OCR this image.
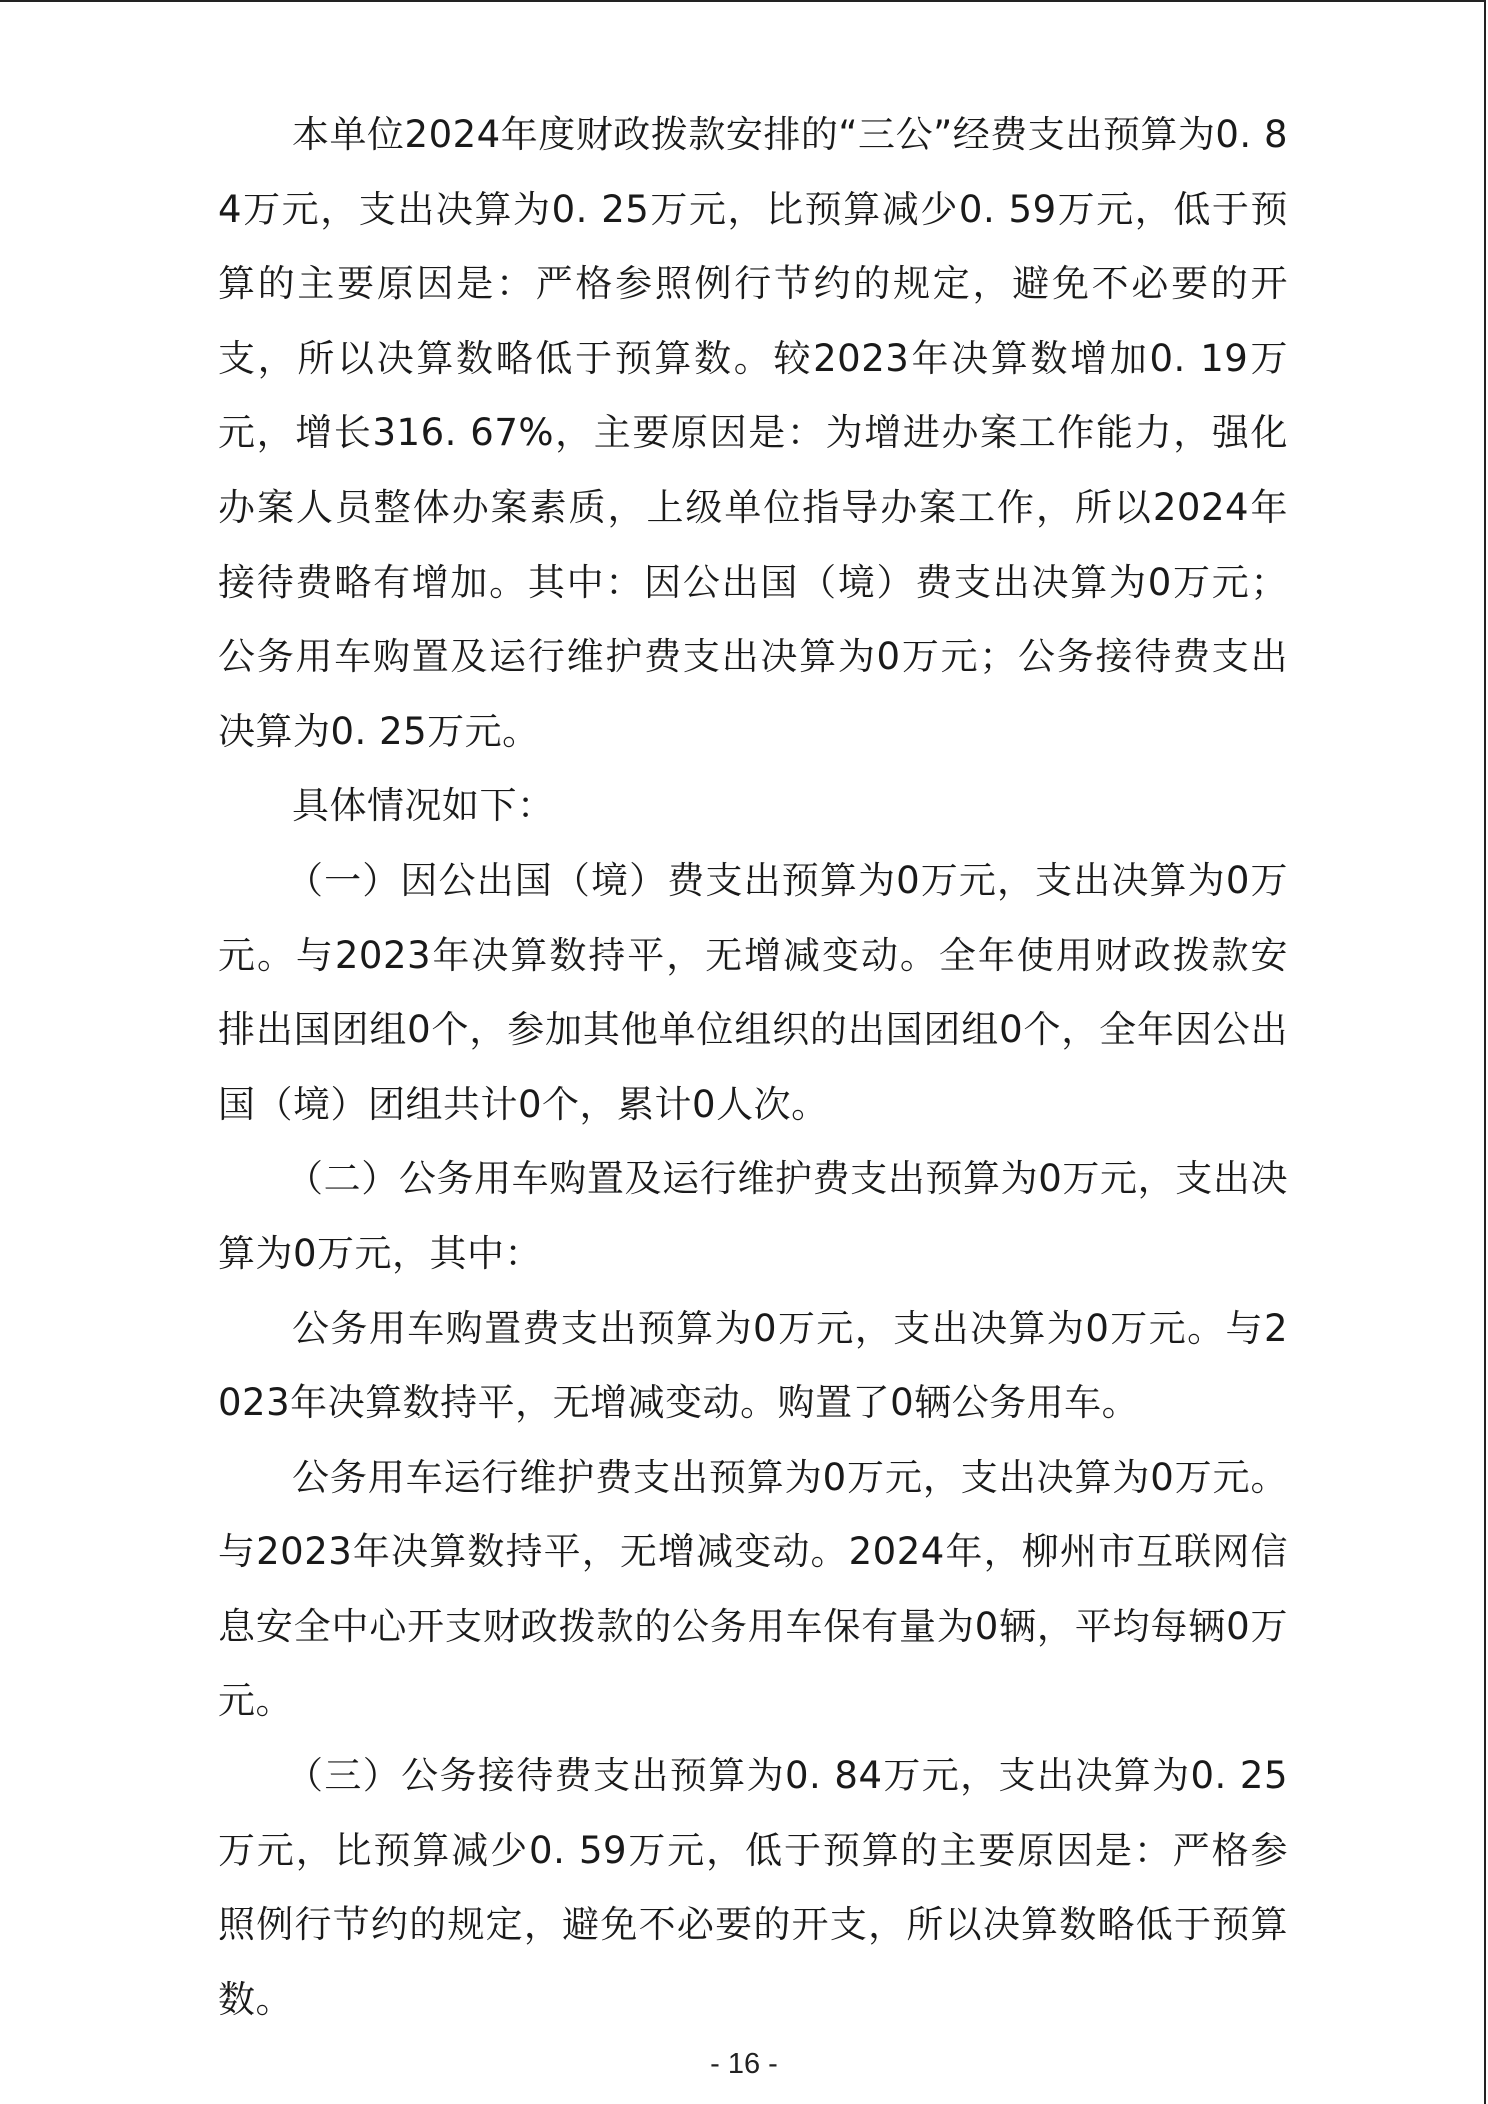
本单位2024年度财政拨款安排的“三公”经费支出预算为0. 84万元，支出决算为0. 25万元，比预算减少0. 59万元，低于预算的主要原因是：严格参照例行节约的规定，避免不必要的开支，所以决算数略低于预算数。较2023年决算数增加0. 19万元，增长316. 67%，主要原因是：为增进办案工作能力，强化办案人员整体办案素质，上级单位指导办案工作，所以2024年接待费略有增加。其中：因公出国（境）费支出决算为0万元；公务用车购置及运行维护费支出决算为0万元；公务接待费支出决算为0. 25万元。

具体情况如下：

（一）因公出国（境）费支出预算为0万元，支出决算为0万元。与2023年决算数持平，无增减变动。全年使用财政拨款安排出国团组0个，参加其他单位组织的出国团组0个，全年因公出国（境）团组共计0个，累计0人次。

（二）公务用车购置及运行维护费支出预算为0万元，支出决算为0万元，其中：

公务用车购置费支出预算为0万元，支出决算为0万元。与2023年决算数持平，无增减变动。购置了0辆公务用车。

公务用车运行维护费支出预算为0万元，支出决算为0万元。与2023年决算数持平，无增减变动。2024年，柳州市互联网信息安全中心开支财政拨款的公务用车保有量为0辆，平均每辆0万元。

（三）公务接待费支出预算为0. 84万元，支出决算为0. 25万元，比预算减少0. 59万元，低于预算的主要原因是：严格参照例行节约的规定，避免不必要的开支，所以决算数略低于预算数。

- 16 -
